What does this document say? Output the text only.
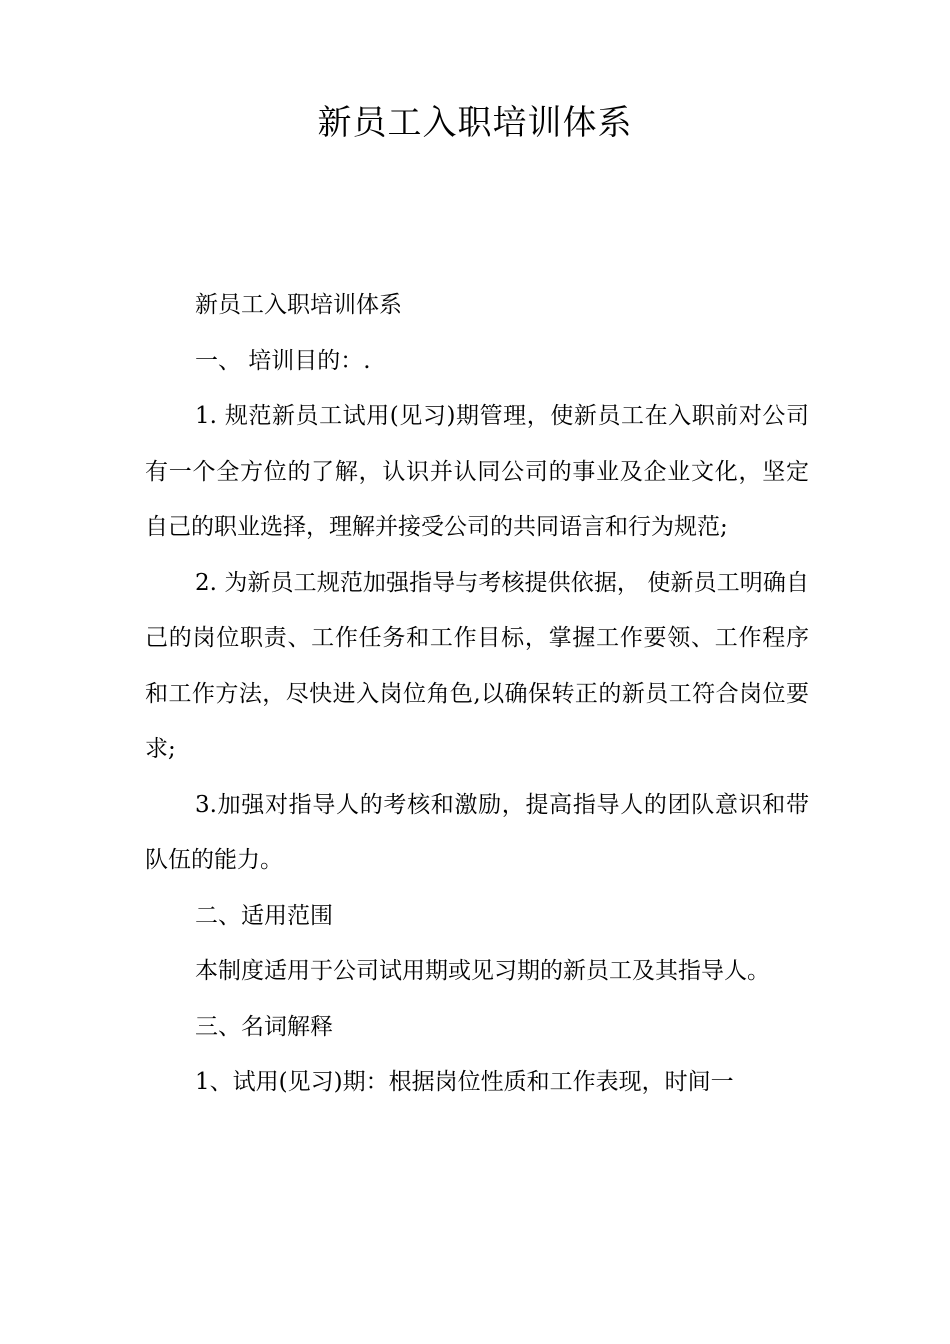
新员工入职培训体系

新员工入职培训体系

一、 培训目的：.

1. 规范新员工试用(见习)期管理，使新员工在入职前对公司有一个全方位的了解，认识并认同公司的事业及企业文化，坚定自己的职业选择，理解并接受公司的共同语言和行为规范;

2. 为新员工规范加强指导与考核提供依据， 使新员工明确自己的岗位职责、工作任务和工作目标，掌握工作要领、工作程序和工作方法，尽快进入岗位角色,以确保转正的新员工符合岗位要求;

3.加强对指导人的考核和激励，提高指导人的团队意识和带队伍的能力。

二、适用范围

本制度适用于公司试用期或见习期的新员工及其指导人。

三、名词解释

1、试用(见习)期：根据岗位性质和工作表现，时间一
